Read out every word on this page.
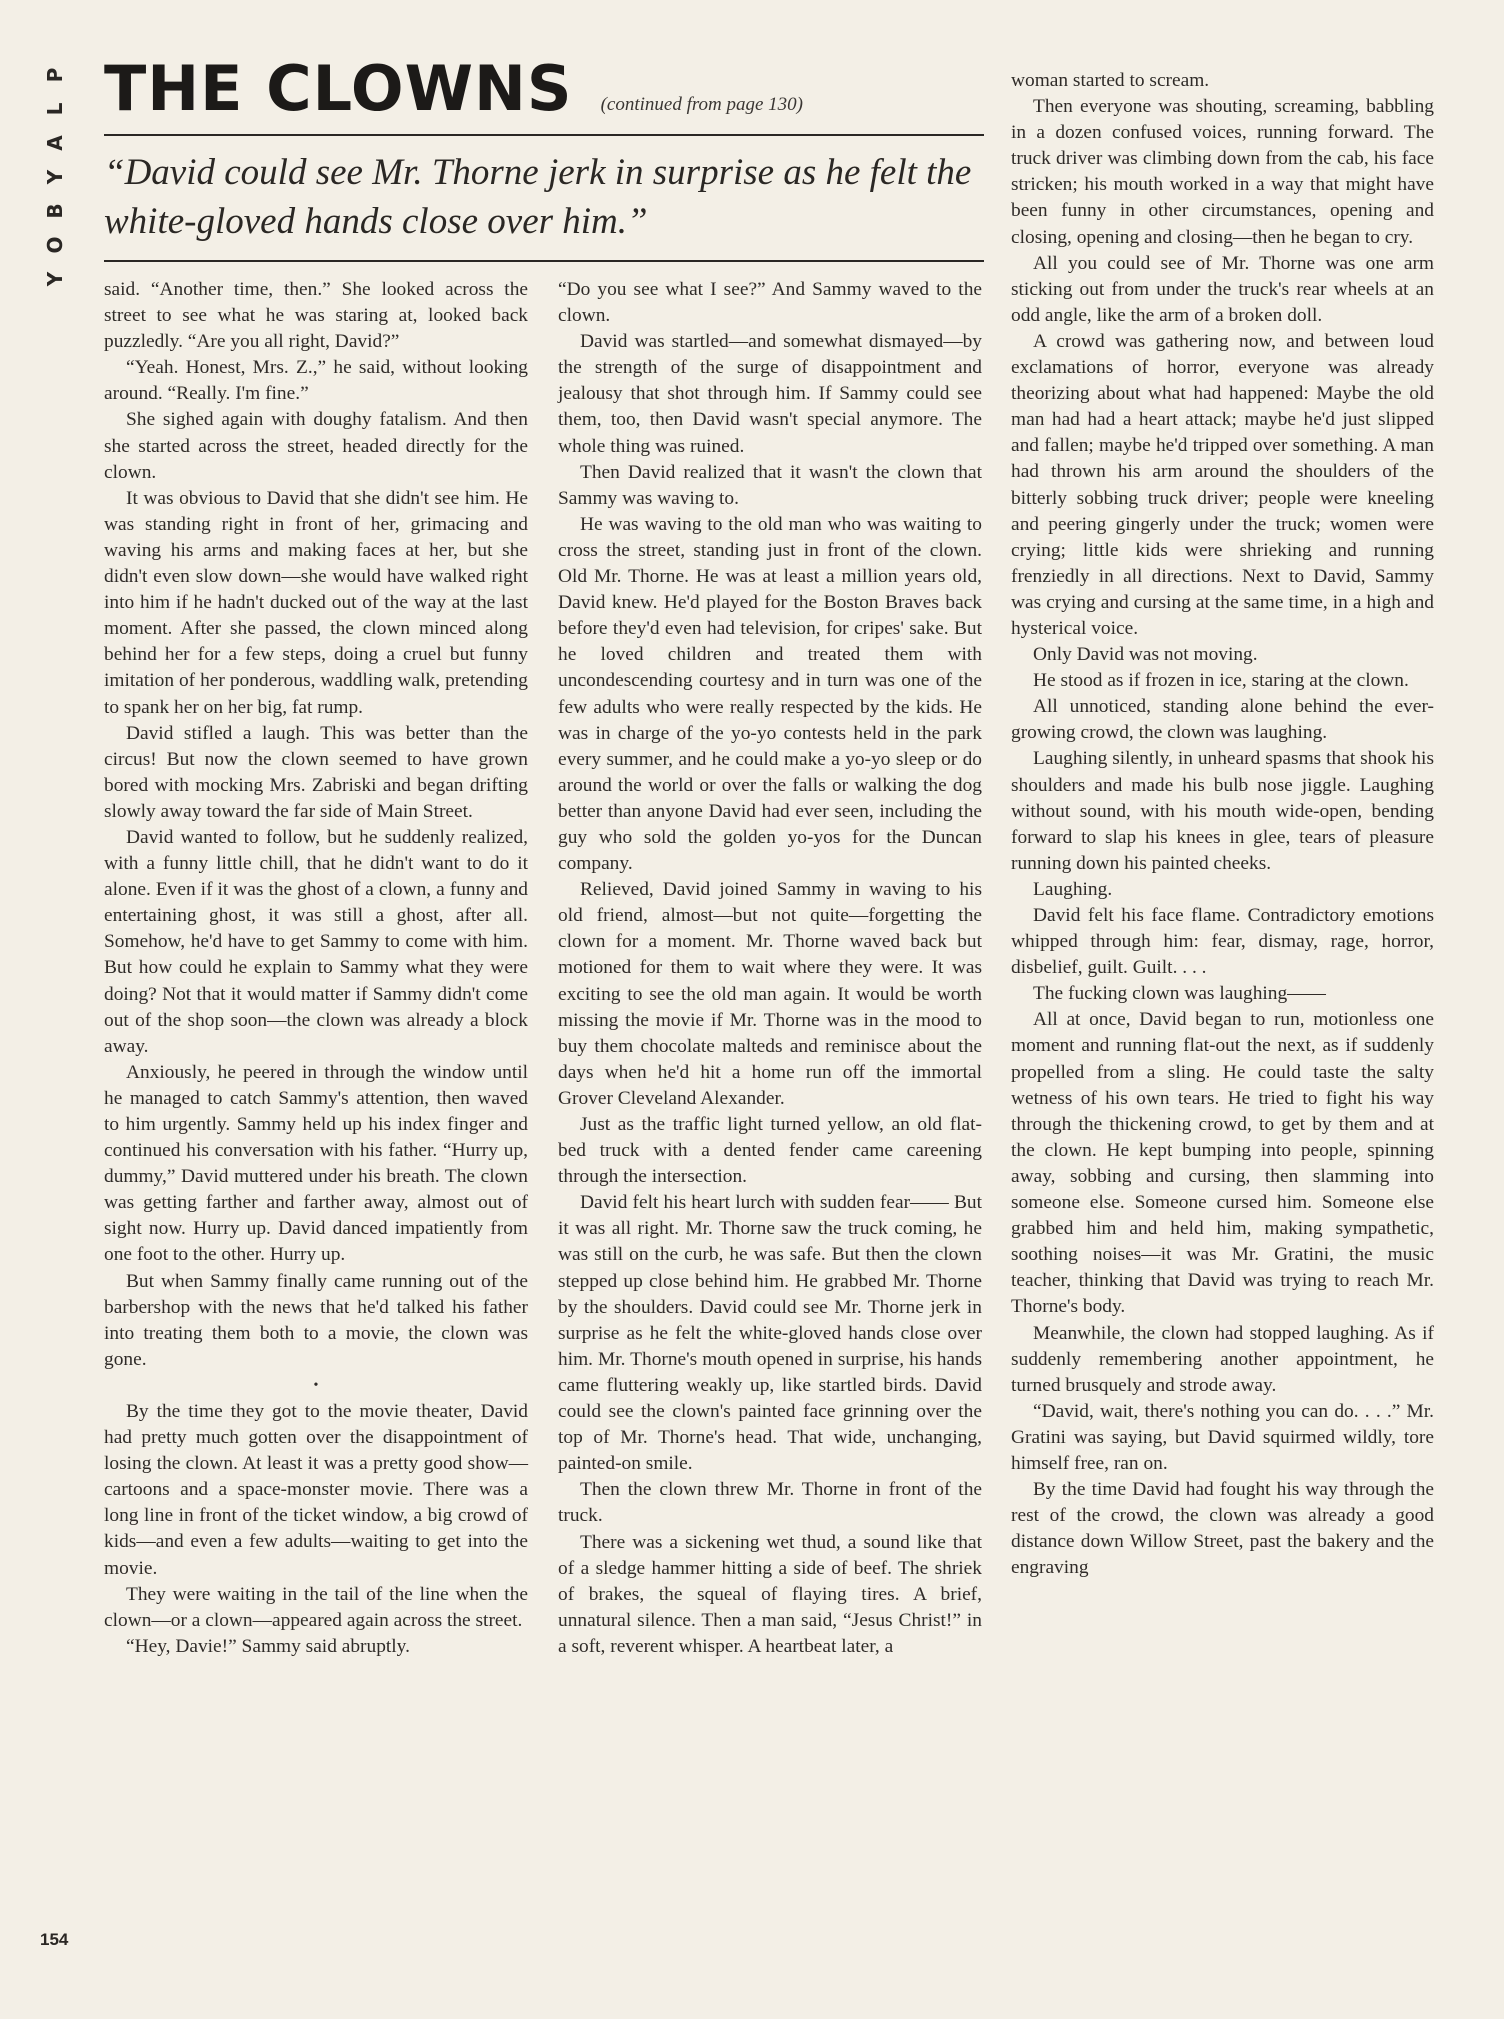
P
L
A
Y
B
O
Y
THE CLOWNS (continued from page 130)
“David could see Mr. Thorne jerk in surprise as he felt the white-gloved hands close over him.”

said. “Another time, then.” She looked across the street to see what he was staring at, looked back puzzledly. “Are you all right, David?”

“Yeah. Honest, Mrs. Z.,” he said, without looking around. “Really. I'm fine.”

She sighed again with doughy fatalism. And then she started across the street, headed directly for the clown.

It was obvious to David that she didn't see him. He was standing right in front of her, grimacing and waving his arms and making faces at her, but she didn't even slow down—she would have walked right into him if he hadn't ducked out of the way at the last moment. After she passed, the clown minced along behind her for a few steps, doing a cruel but funny imitation of her ponderous, waddling walk, pretending to spank her on her big, fat rump.

David stifled a laugh. This was better than the circus! But now the clown seemed to have grown bored with mocking Mrs. Zabriski and began drifting slowly away toward the far side of Main Street.

David wanted to follow, but he suddenly realized, with a funny little chill, that he didn't want to do it alone. Even if it was the ghost of a clown, a funny and entertaining ghost, it was still a ghost, after all. Somehow, he'd have to get Sammy to come with him. But how could he explain to Sammy what they were doing? Not that it would matter if Sammy didn't come out of the shop soon—the clown was already a block away.

Anxiously, he peered in through the window until he managed to catch Sammy's attention, then waved to him urgently. Sammy held up his index finger and continued his conversation with his father. “Hurry up, dummy,” David muttered under his breath. The clown was getting farther and farther away, almost out of sight now. Hurry up. David danced impatiently from one foot to the other. Hurry up.

But when Sammy finally came running out of the barbershop with the news that he'd talked his father into treating them both to a movie, the clown was gone.

•

By the time they got to the movie theater, David had pretty much gotten over the disappointment of losing the clown. At least it was a pretty good show—cartoons and a space-monster movie. There was a long line in front of the ticket window, a big crowd of kids—and even a few adults—waiting to get into the movie.

They were waiting in the tail of the line when the clown—or a clown—appeared again across the street.

“Hey, Davie!” Sammy said abruptly.

“Do you see what I see?” And Sammy waved to the clown.

David was startled—and somewhat dismayed—by the strength of the surge of disappointment and jealousy that shot through him. If Sammy could see them, too, then David wasn't special anymore. The whole thing was ruined.

Then David realized that it wasn't the clown that Sammy was waving to.

He was waving to the old man who was waiting to cross the street, standing just in front of the clown. Old Mr. Thorne. He was at least a million years old, David knew. He'd played for the Boston Braves back before they'd even had television, for cripes' sake. But he loved children and treated them with uncondescending courtesy and in turn was one of the few adults who were really respected by the kids. He was in charge of the yo-yo contests held in the park every summer, and he could make a yo-yo sleep or do around the world or over the falls or walking the dog better than anyone David had ever seen, including the guy who sold the golden yo-yos for the Duncan company.

Relieved, David joined Sammy in waving to his old friend, almost—but not quite—forgetting the clown for a moment. Mr. Thorne waved back but motioned for them to wait where they were. It was exciting to see the old man again. It would be worth missing the movie if Mr. Thorne was in the mood to buy them chocolate malteds and reminisce about the days when he'd hit a home run off the immortal Grover Cleveland Alexander.

Just as the traffic light turned yellow, an old flat-bed truck with a dented fender came careening through the intersection.

David felt his heart lurch with sudden fear—— But it was all right. Mr. Thorne saw the truck coming, he was still on the curb, he was safe. But then the clown stepped up close behind him. He grabbed Mr. Thorne by the shoulders. David could see Mr. Thorne jerk in surprise as he felt the white-gloved hands close over him. Mr. Thorne's mouth opened in surprise, his hands came fluttering weakly up, like startled birds. David could see the clown's painted face grinning over the top of Mr. Thorne's head. That wide, unchanging, painted-on smile.

Then the clown threw Mr. Thorne in front of the truck.

There was a sickening wet thud, a sound like that of a sledge hammer hitting a side of beef. The shriek of brakes, the squeal of flaying tires. A brief, unnatural silence. Then a man said, “Jesus Christ!” in a soft, reverent whisper. A heartbeat later, a

woman started to scream.

Then everyone was shouting, screaming, babbling in a dozen confused voices, running forward. The truck driver was climbing down from the cab, his face stricken; his mouth worked in a way that might have been funny in other circumstances, opening and closing, opening and closing—then he began to cry.

All you could see of Mr. Thorne was one arm sticking out from under the truck's rear wheels at an odd angle, like the arm of a broken doll.

A crowd was gathering now, and between loud exclamations of horror, everyone was already theorizing about what had happened: Maybe the old man had had a heart attack; maybe he'd just slipped and fallen; maybe he'd tripped over something. A man had thrown his arm around the shoulders of the bitterly sobbing truck driver; people were kneeling and peering gingerly under the truck; women were crying; little kids were shrieking and running frenziedly in all directions. Next to David, Sammy was crying and cursing at the same time, in a high and hysterical voice.

Only David was not moving.

He stood as if frozen in ice, staring at the clown.

All unnoticed, standing alone behind the ever-growing crowd, the clown was laughing.

Laughing silently, in unheard spasms that shook his shoulders and made his bulb nose jiggle. Laughing without sound, with his mouth wide-open, bending forward to slap his knees in glee, tears of pleasure running down his painted cheeks.

Laughing.

David felt his face flame. Contradictory emotions whipped through him: fear, dismay, rage, horror, disbelief, guilt. Guilt. . . .

The fucking clown was laughing——

All at once, David began to run, motionless one moment and running flat-out the next, as if suddenly propelled from a sling. He could taste the salty wetness of his own tears. He tried to fight his way through the thickening crowd, to get by them and at the clown. He kept bumping into people, spinning away, sobbing and cursing, then slamming into someone else. Someone cursed him. Someone else grabbed him and held him, making sympathetic, soothing noises—it was Mr. Gratini, the music teacher, thinking that David was trying to reach Mr. Thorne's body.

Meanwhile, the clown had stopped laughing. As if suddenly remembering another appointment, he turned brusquely and strode away.

“David, wait, there's nothing you can do. . . .” Mr. Gratini was saying, but David squirmed wildly, tore himself free, ran on.

By the time David had fought his way through the rest of the crowd, the clown was already a good distance down Willow Street, past the bakery and the engraving

154
